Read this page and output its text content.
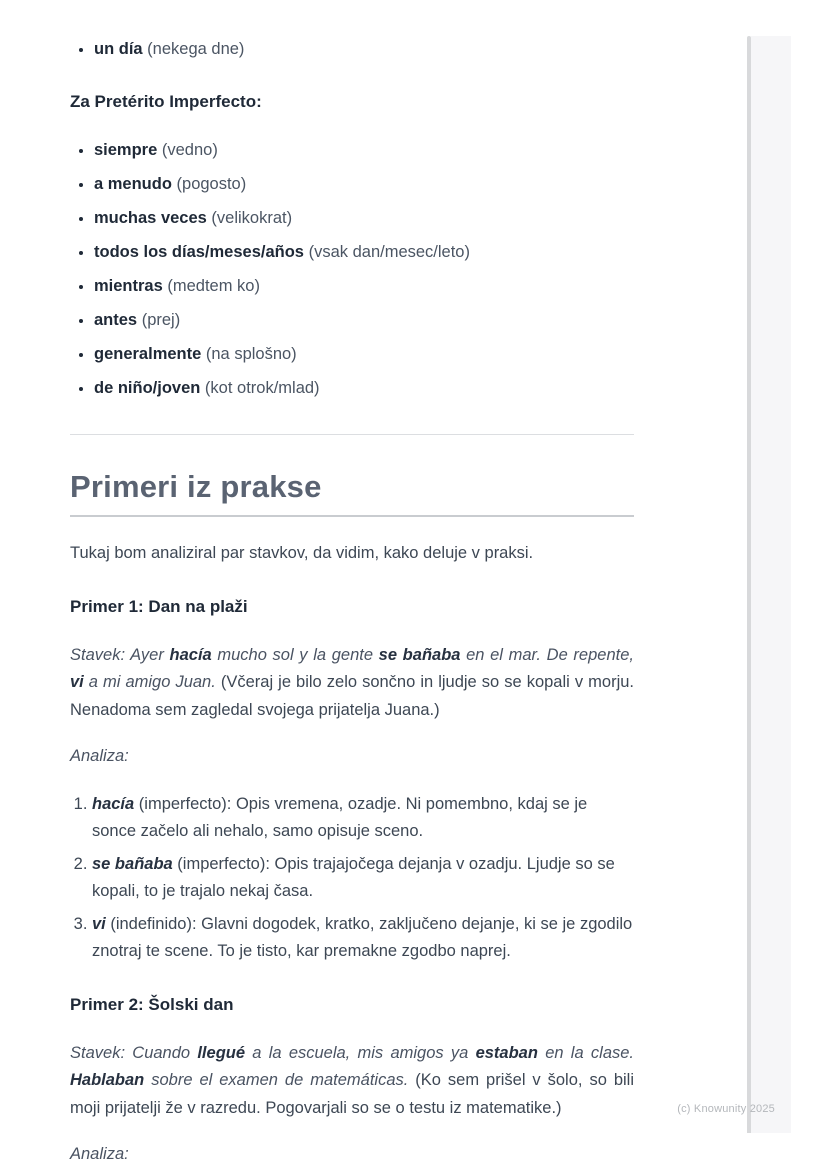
• un día (nekega dne)
Za Pretérito Imperfecto:
• siempre (vedno)
• a menudo (pogosto)
• muchas veces (velikokrat)
• todos los días/meses/años (vsak dan/mesec/leto)
• mientras (medtem ko)
• antes (prej)
• generalmente (na splošno)
• de niño/joven (kot otrok/mlad)
Primeri iz prakse

Tukaj bom analiziral par stavkov, da vidim, kako deluje v praksi.

Primer 1: Dan na plaži

Stavek: Ayer hacía mucho sol y la gente se bañaba en el mar. De repente, vi a mi amigo Juan. (Včeraj je bilo zelo sončno in ljudje so se kopali v morju. Nenadoma sem zagledal svojega prijatelja Juana.)

Analiza:

1. hacía (imperfecto): Opis vremena, ozadje. Ni pomembno, kdaj se je sonce začelo ali nehalo, samo opisuje sceno.
2. se bañaba (imperfecto): Opis trajajočega dejanja v ozadju. Ljudje so se kopali, to je trajalo nekaj časa.
3. vi (indefinido): Glavni dogodek, kratko, zaključeno dejanje, ki se je zgodilo znotraj te scene. To je tisto, kar premakne zgodbo naprej.
Primer 2: Šolski dan

Stavek: Cuando llegué a la escuela, mis amigos ya estaban en la clase. Hablaban sobre el examen de matemáticas. (Ko sem prišel v šolo, so bili moji prijatelji že v razredu. Pogovarjali so se o testu iz matematike.)

Analiza:

(c) Knowunity 2025
